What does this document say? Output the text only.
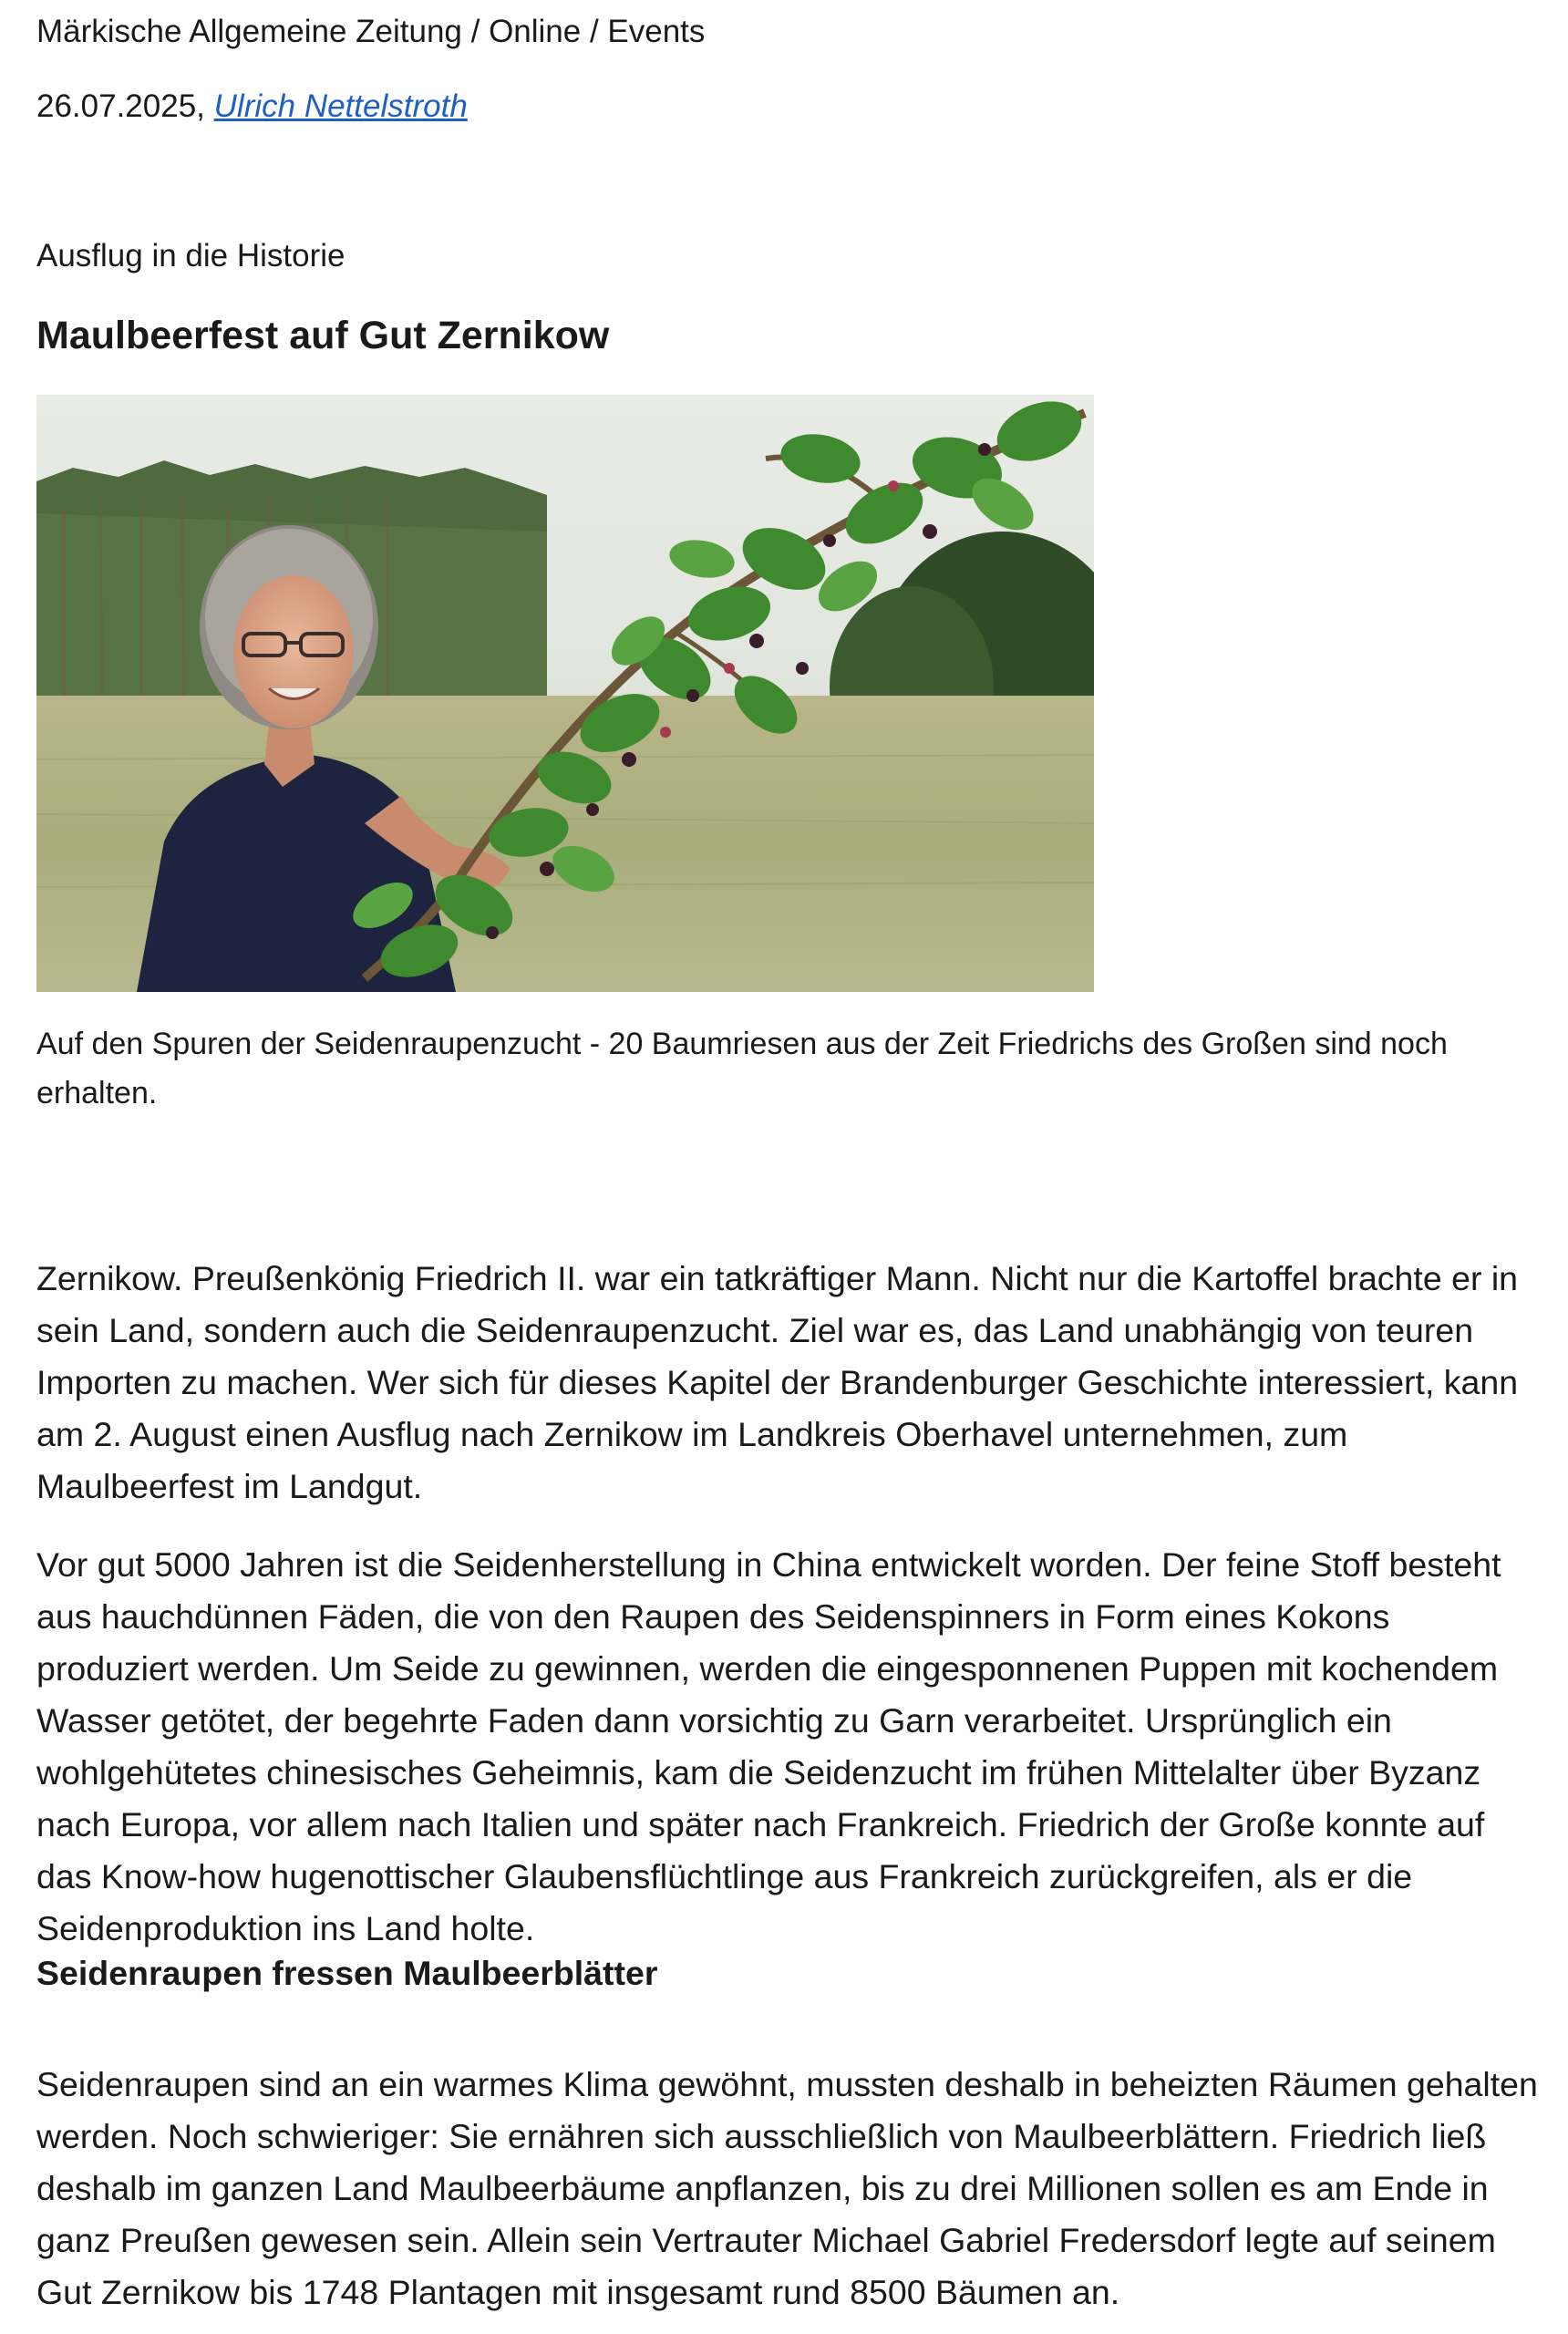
Märkische Allgemeine Zeitung / Online / Events
26.07.2025, Ulrich Nettelstroth
Ausflug in die Historie
Maulbeerfest auf Gut Zernikow
Auf den Spuren der Seidenraupenzucht - 20 Baumriesen aus der Zeit Friedrichs des Großen sind noch erhalten.

Zernikow. Preußenkönig Friedrich II. war ein tatkräftiger Mann. Nicht nur die Kartoffel brachte er in sein Land, sondern auch die Seidenraupenzucht. Ziel war es, das Land unabhängig von teuren Importen zu machen. Wer sich für dieses Kapitel der Brandenburger Geschichte interessiert, kann am 2. August einen Ausflug nach Zernikow im Landkreis Oberhavel unternehmen, zum Maulbeerfest im Landgut.

Vor gut 5000 Jahren ist die Seidenherstellung in China entwickelt worden. Der feine Stoff besteht aus hauchdünnen Fäden, die von den Raupen des Seidenspinners in Form eines Kokons produziert werden. Um Seide zu gewinnen, werden die eingesponnenen Puppen mit kochendem Wasser getötet, der begehrte Faden dann vorsichtig zu Garn verarbeitet. Ursprünglich ein wohlgehütetes chinesisches Geheimnis, kam die Seidenzucht im frühen Mittelalter über Byzanz nach Europa, vor allem nach Italien und später nach Frankreich. Friedrich der Große konnte auf das Know-how hugenottischer Glaubensflüchtlinge aus Frankreich zurückgreifen, als er die Seidenproduktion ins Land holte.

Seidenraupen fressen Maulbeerblätter

Seidenraupen sind an ein warmes Klima gewöhnt, mussten deshalb in beheizten Räumen gehalten werden. Noch schwieriger: Sie ernähren sich ausschließlich von Maulbeerblättern. Friedrich ließ deshalb im ganzen Land Maulbeerbäume anpflanzen, bis zu drei Millionen sollen es am Ende in ganz Preußen gewesen sein. Allein sein Vertrauter Michael Gabriel Fredersdorf legte auf seinem Gut Zernikow bis 1748 Plantagen mit insgesamt rund 8500 Bäumen an.
